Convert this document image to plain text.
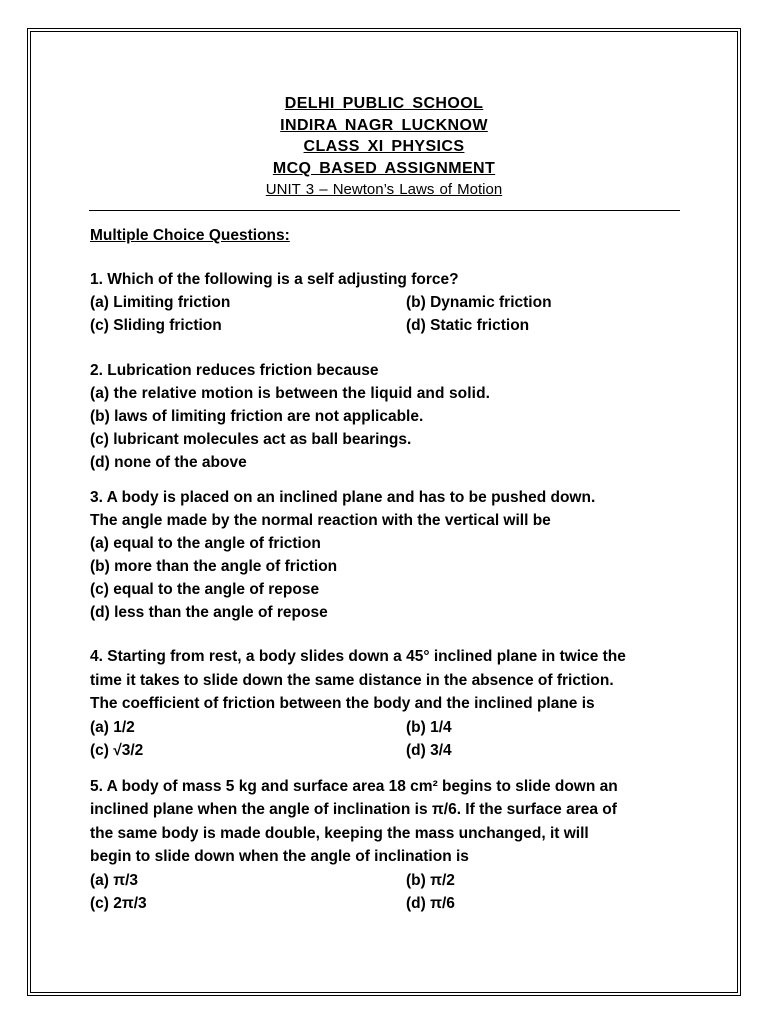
DELHI PUBLIC SCHOOL
INDIRA NAGR LUCKNOW
CLASS XI PHYSICS
MCQ BASED ASSIGNMENT
UNIT 3 – Newton’s Laws of Motion
Multiple Choice Questions:
1. Which of the following is a self adjusting force?
(a) Limiting friction	(b) Dynamic friction
(c) Sliding friction	(d) Static friction
2. Lubrication reduces friction because
(a) the relative motion is between the liquid and solid.
(b) laws of limiting friction are not applicable.
(c) lubricant molecules act as ball bearings.
(d) none of the above
3. A body is placed on an inclined plane and has to be pushed down.
The angle made by the normal reaction with the vertical will be
(a) equal to the angle of friction
(b) more than the angle of friction
(c) equal to the angle of repose
(d) less than the angle of repose
4. Starting from rest, a body slides down a 45° inclined plane in twice the
time it takes to slide down the same distance in the absence of friction.
The coefficient of friction between the body and the inclined plane is
(a) 1/2	(b) 1/4
(c) √3/2	(d) 3/4
5. A body of mass 5 kg and surface area 18 cm² begins to slide down an
inclined plane when the angle of inclination is π/6. If the surface area of
the same body is made double, keeping the mass unchanged, it will
begin to slide down when the angle of inclination is
(a) π/3	(b) π/2
(c) 2π/3	(d) π/6
